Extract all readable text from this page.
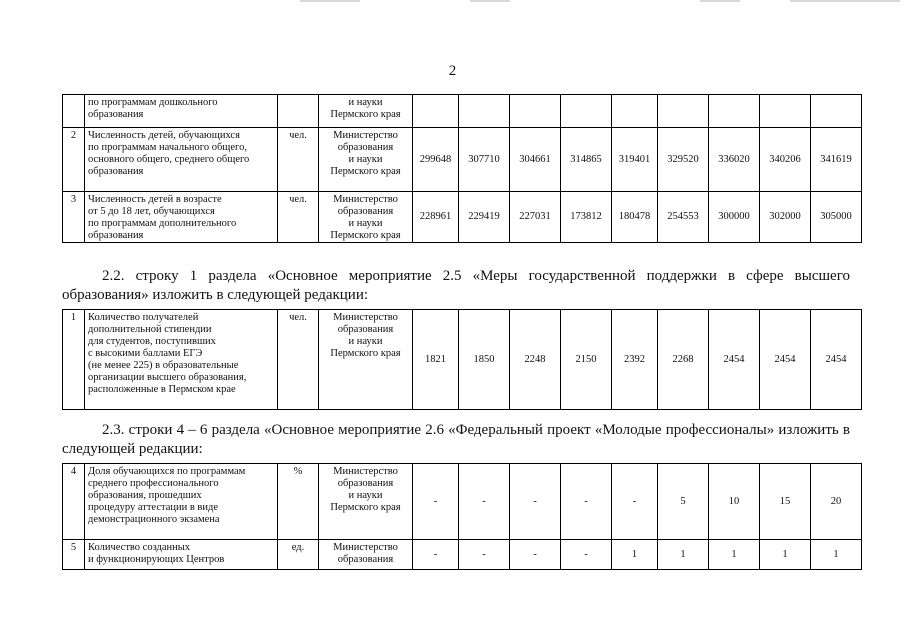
2
	по программам дошкольного
образования		и науки
Пермского края									
2	Численность детей, обучающихся
по программам начального общего,
основного общего, среднего общего
образования	чел.	Министерство
образования
и науки
Пермского края	299648	307710	304661	314865	319401	329520	336020	340206	341619
3	Численность детей в возрасте
от 5 до 18 лет, обучающихся
по программам дополнительного
образования	чел.	Министерство
образования
и науки
Пермского края	228961	229419	227031	173812	180478	254553	300000	302000	305000
2.2. строку 1 раздела «Основное мероприятие 2.5 «Меры государственной поддержки в сфере высшего образования» изложить в следующей редакции:
1	Количество получателей
дополнительной стипендии
для студентов, поступивших
с высокими баллами ЕГЭ
(не менее 225) в образовательные
организации высшего образования,
расположенные в Пермском крае	чел.	Министерство
образования
и науки
Пермского края	1821	1850	2248	2150	2392	2268	2454	2454	2454
2.3. строки 4 – 6 раздела «Основное мероприятие 2.6 «Федеральный проект «Молодые профессионалы» изложить в следующей редакции:
4	Доля обучающихся по программам
среднего профессионального
образования, прошедших
процедуру аттестации в виде
демонстрационного экзамена	%	Министерство
образования
и науки
Пермского края	-	-	-	-	-	5	10	15	20
5	Количество созданных
и функционирующих Центров	ед.	Министерство
образования	-	-	-	-	1	1	1	1	1
